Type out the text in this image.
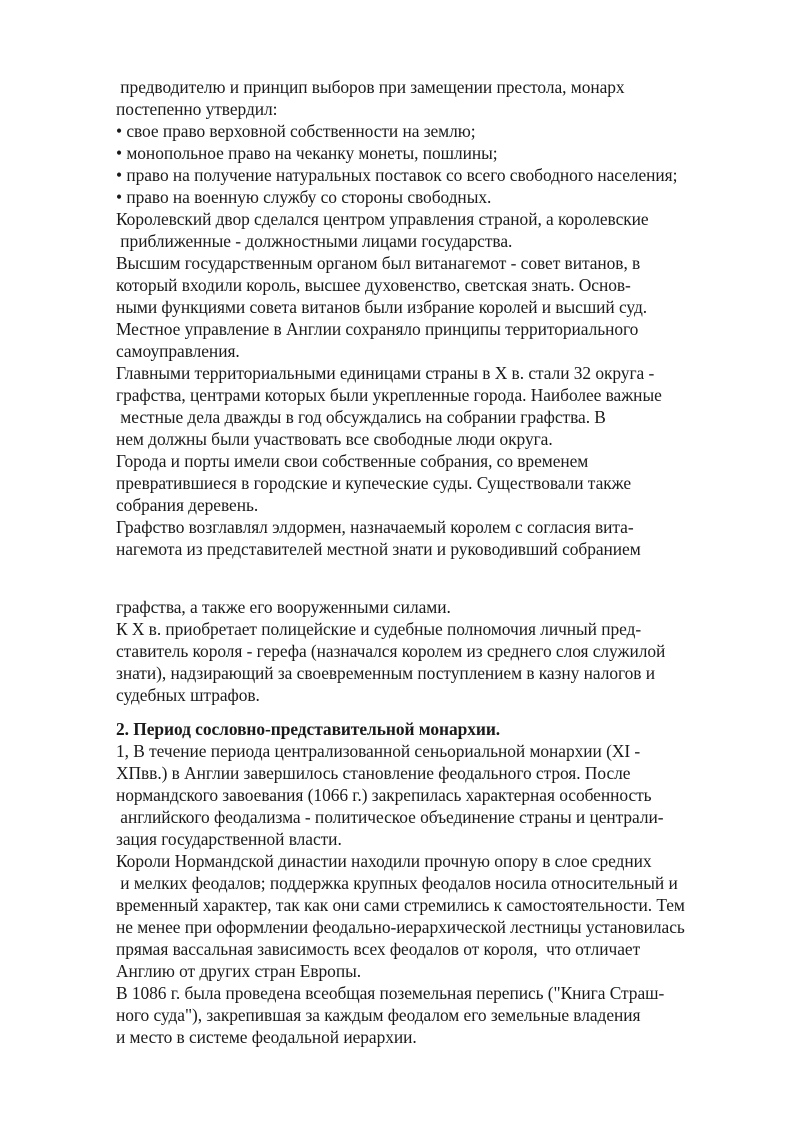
предводителю и принцип выборов при замещении престола, монарх
постепенно утвердил:
• свое право верховной собственности на землю;
• монопольное право на чеканку монеты, пошлины;
• право на получение натуральных поставок со всего свободного населения;
• право на военную службу со стороны свободных.
Королевский двор сделался центром управления страной, а королевские
приближенные - должностными лицами государства.
Высшим государственным органом был витанагемот - совет витанов, в
который входили король, высшее духовенство, светская знать. Основ-
ными функциями совета витанов были избрание королей и высший суд.
Местное управление в Англии сохраняло принципы территориального
самоуправления.
Главными территориальными единицами страны в X в. стали 32 округа -
графства, центрами которых были укрепленные города. Наиболее важные
местные дела дважды в год обсуждались на собрании графства. В
нем должны были участвовать все свободные люди округа.
Города и порты имели свои собственные собрания, со временем
превратившиеся в городские и купеческие суды. Существовали также
собрания деревень.
Графство возглавлял элдормен, назначаемый королем с согласия вита-
нагемота из представителей местной знати и руководивший собранием
графства, а также его вооруженными силами.
К X в. приобретает полицейские и судебные полномочия личный пред-
ставитель короля - герефа (назначался королем из среднего слоя служилой
знати), надзирающий за своевременным поступлением в казну налогов и
судебных штрафов.
2. Период сословно-представительной монархии.
1, В течение периода централизованной сеньориальной монархии (XI -
XПвв.) в Англии завершилось становление феодального строя. После
нормандского завоевания (1066 г.) закрепилась характерная особенность
английского феодализма - политическое объединение страны и централи-
зация государственной власти.
Короли Нормандской династии находили прочную опору в слое средних
и мелких феодалов; поддержка крупных феодалов носила относительный и
временный характер, так как они сами стремились к самостоятельности. Тем
не менее при оформлении феодально-иерархической лестницы установилась
прямая вассальная зависимость всех феодалов от короля,  что отличает
Англию от других стран Европы.
В 1086 г. была проведена всеобщая поземельная перепись ("Книга Страш-
ного суда"), закрепившая за каждым феодалом его земельные владения
и место в системе феодальной иерархии.
